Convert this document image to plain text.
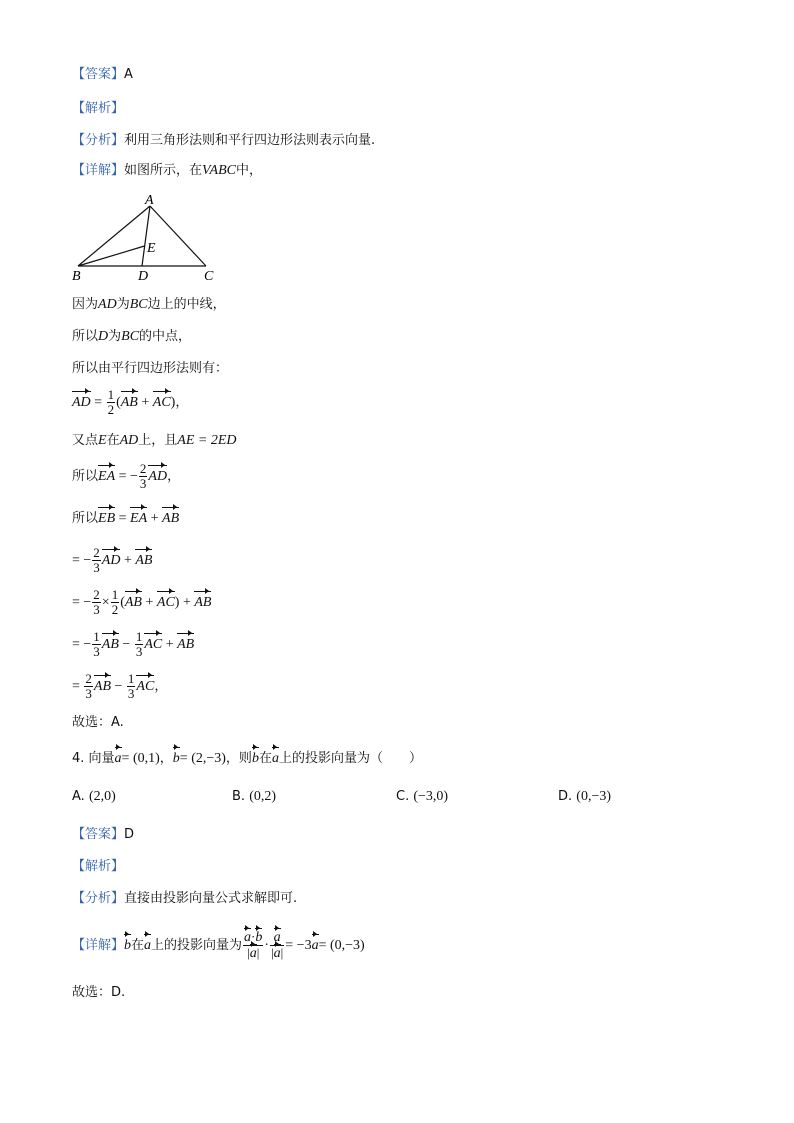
【答案】A
【解析】
【分析】利用三角形法则和平行四边形法则表示向量.
【详解】如图所示，在VABC中，
A
B	C
D
E
因为AD为BC边上的中线，
所以D为BC的中点，
所以由平行四边形法则有：
AD = $\frac{1}{2} (AB + AC)$，
又点E在AD上，且AE = 2ED
所以EA = − $\frac{2}{3}$ AD，
所以EB = EA + AB
= − $\frac{2}{3}$ AD + AB
= − $\frac{2}{3} \times \frac{1}{2} (AB + AC)$ + AB
= − $\frac{1}{3}$ AB − $\frac{1}{3}$ AC + AB
= $\frac{2}{3}$ AB − $\frac{1}{3}$ AC，
故选：A.
4. 向量a= (0,1)，b= (2,−3)，则b在a上的投影向量为（　　）
A. (2,0)	B. (0,2)	C. (−3,0)	D. (0,−3)
【答案】D
【解析】
【分析】直接由投影向量公式求解即可.
【详解】b在a上的投影向量为 $\frac{a\cdot b}{|a|} \cdot \frac{a}{|a|} = -3a= (0,-3)$
故选：D.
